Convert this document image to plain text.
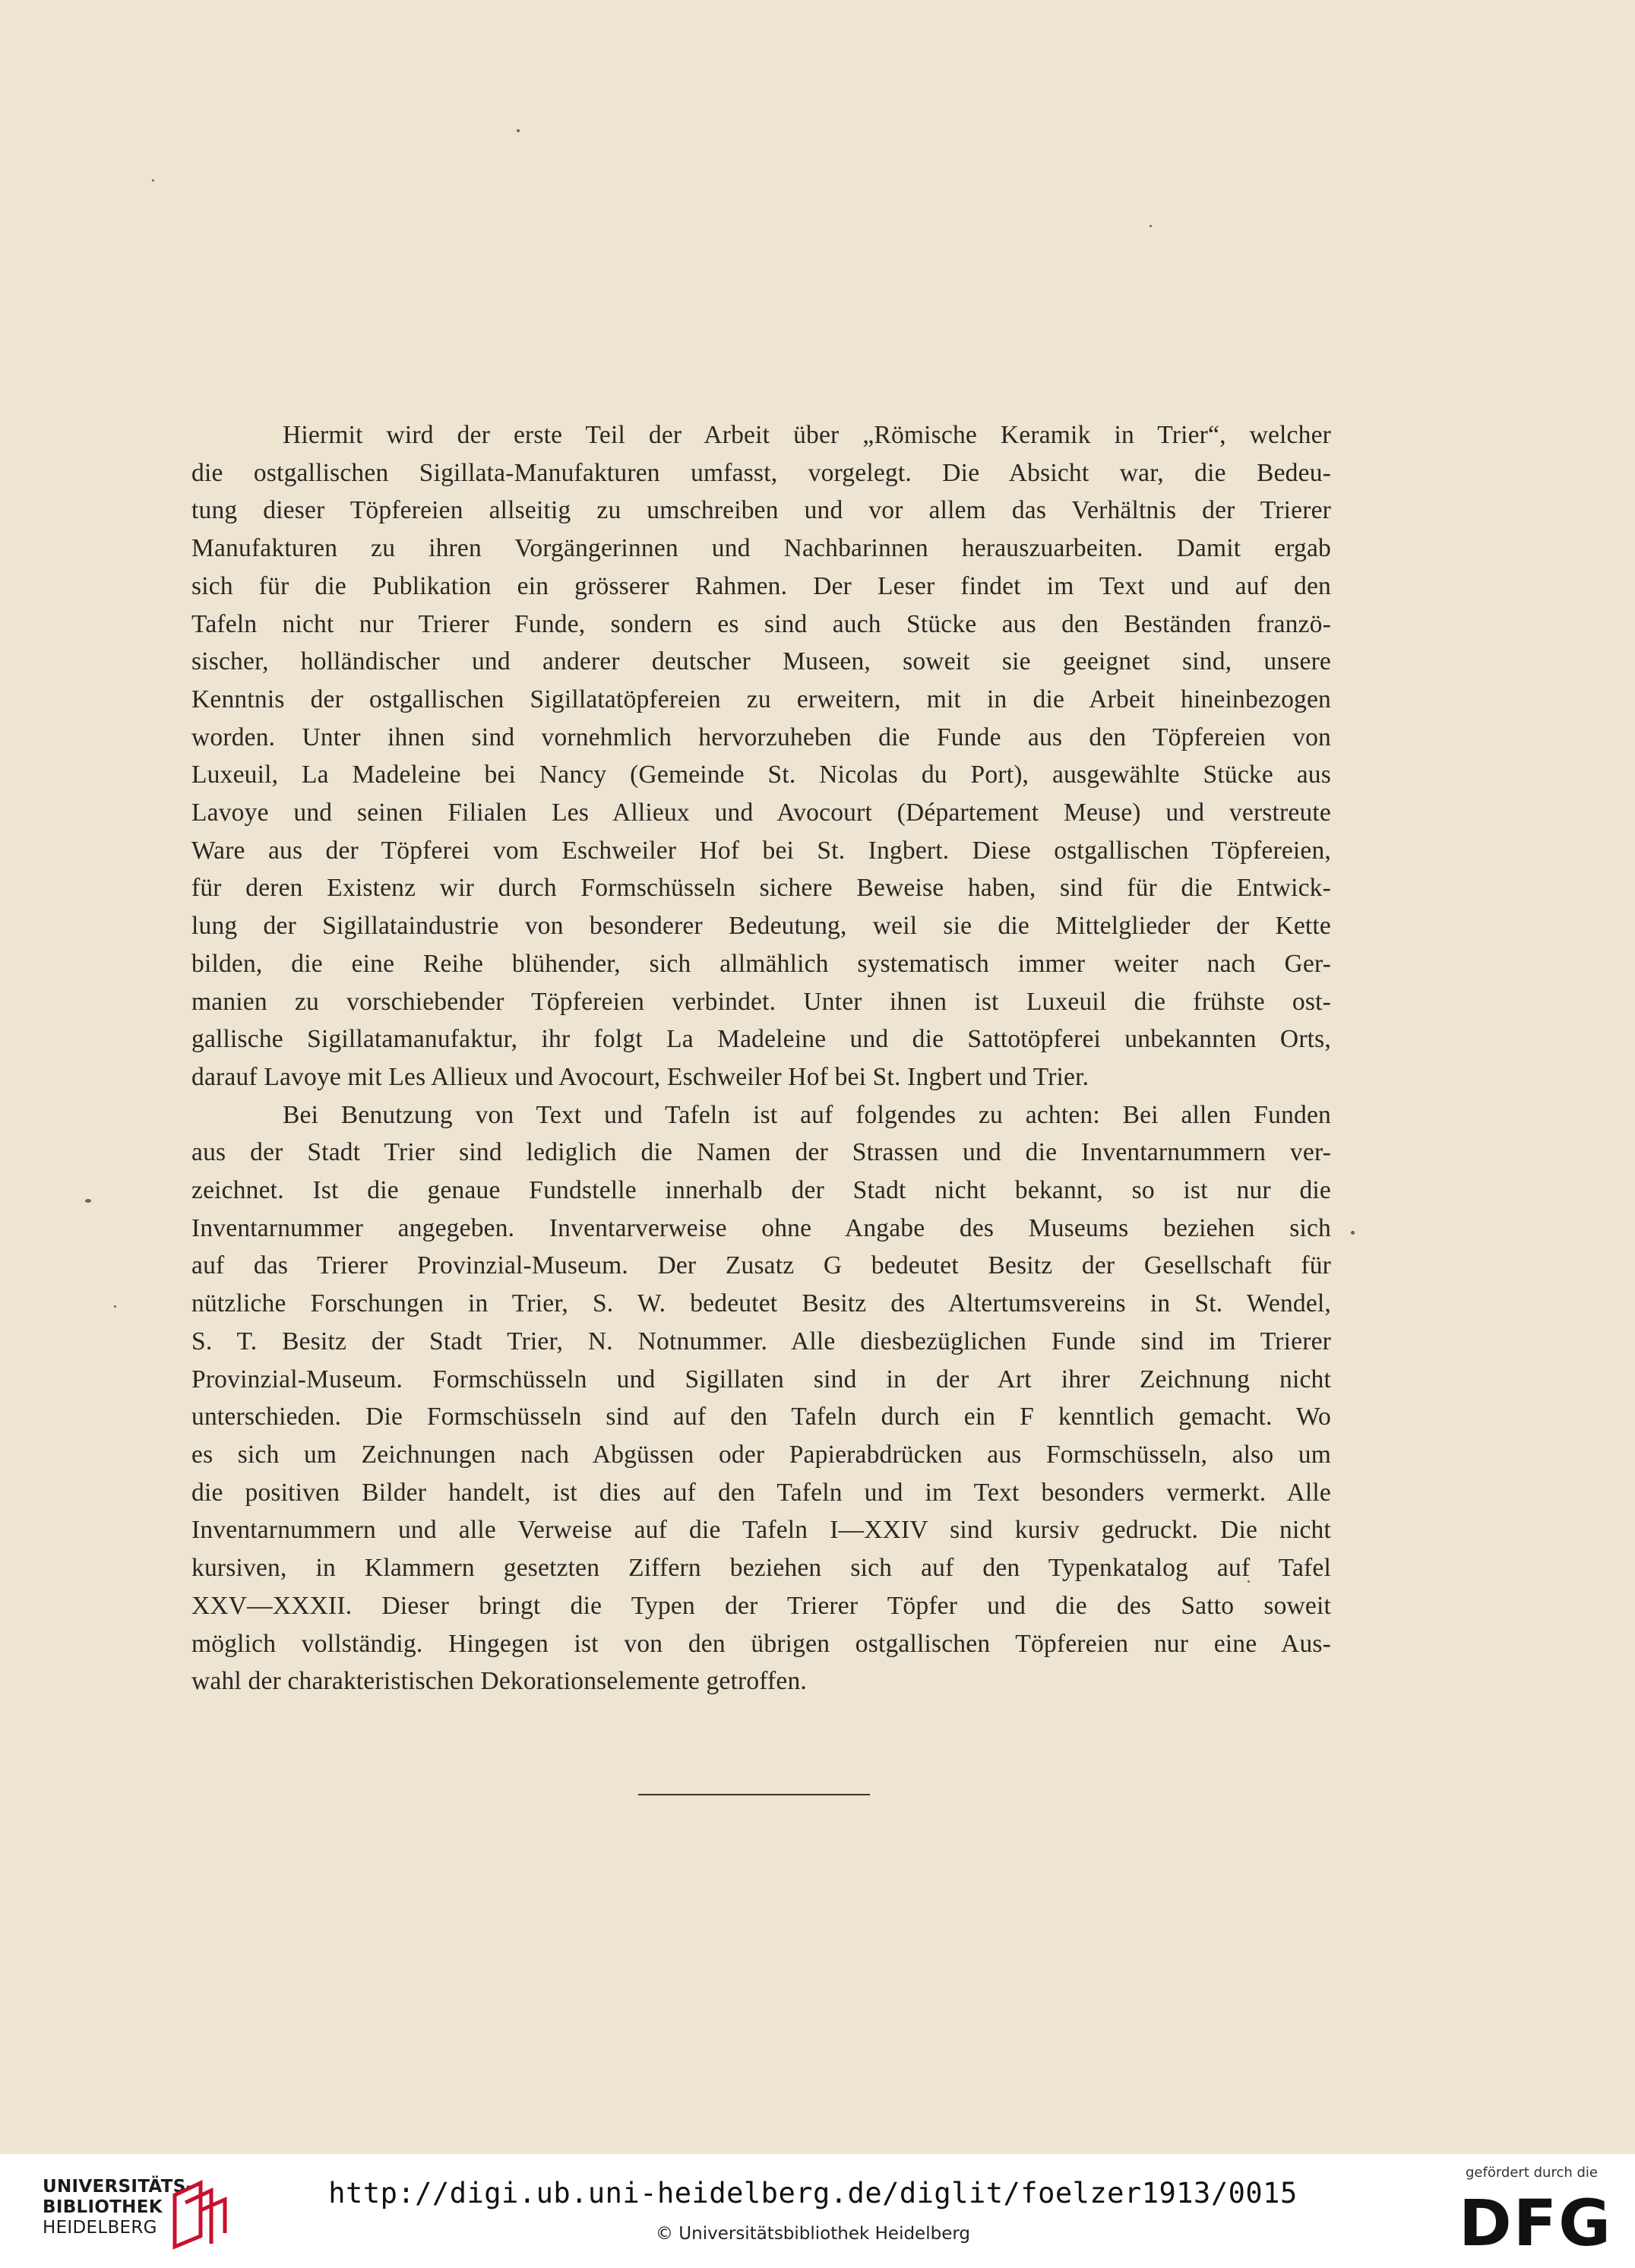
Hiermit wird der erste Teil der Arbeit über „Römische Keramik in Trier“, welcher
die ostgallischen Sigillata-Manufakturen umfasst, vorgelegt. Die Absicht war, die Bedeu-
tung dieser Töpfereien allseitig zu umschreiben und vor allem das Verhältnis der Trierer
Manufakturen zu ihren Vorgängerinnen und Nachbarinnen herauszuarbeiten. Damit ergab
sich für die Publikation ein grösserer Rahmen. Der Leser findet im Text und auf den
Tafeln nicht nur Trierer Funde, sondern es sind auch Stücke aus den Beständen franzö-
sischer, holländischer und anderer deutscher Museen, soweit sie geeignet sind, unsere
Kenntnis der ostgallischen Sigillatatöpfereien zu erweitern, mit in die Arbeit hineinbezogen
worden. Unter ihnen sind vornehmlich hervorzuheben die Funde aus den Töpfereien von
Luxeuil, La Madeleine bei Nancy (Gemeinde St. Nicolas du Port), ausgewählte Stücke aus
Lavoye und seinen Filialen Les Allieux und Avocourt (Département Meuse) und verstreute
Ware aus der Töpferei vom Eschweiler Hof bei St. Ingbert. Diese ostgallischen Töpfereien,
für deren Existenz wir durch Formschüsseln sichere Beweise haben, sind für die Entwick-
lung der Sigillataindustrie von besonderer Bedeutung, weil sie die Mittelglieder der Kette
bilden, die eine Reihe blühender, sich allmählich systematisch immer weiter nach Ger-
manien zu vorschiebender Töpfereien verbindet. Unter ihnen ist Luxeuil die frühste ost-
gallische Sigillatamanufaktur, ihr folgt La Madeleine und die Sattotöpferei unbekannten Orts,
darauf Lavoye mit Les Allieux und Avocourt, Eschweiler Hof bei St. Ingbert und Trier.

Bei Benutzung von Text und Tafeln ist auf folgendes zu achten: Bei allen Funden
aus der Stadt Trier sind lediglich die Namen der Strassen und die Inventarnummern ver-
zeichnet. Ist die genaue Fundstelle innerhalb der Stadt nicht bekannt, so ist nur die
Inventarnummer angegeben. Inventarverweise ohne Angabe des Museums beziehen sich
auf das Trierer Provinzial-Museum. Der Zusatz G bedeutet Besitz der Gesellschaft für
nützliche Forschungen in Trier, S. W. bedeutet Besitz des Altertumsvereins in St. Wendel,
S. T. Besitz der Stadt Trier, N. Notnummer. Alle diesbezüglichen Funde sind im Trierer
Provinzial-Museum. Formschüsseln und Sigillaten sind in der Art ihrer Zeichnung nicht
unterschieden. Die Formschüsseln sind auf den Tafeln durch ein F kenntlich gemacht. Wo
es sich um Zeichnungen nach Abgüssen oder Papierabdrücken aus Formschüsseln, also um
die positiven Bilder handelt, ist dies auf den Tafeln und im Text besonders vermerkt. Alle
Inventarnummern und alle Verweise auf die Tafeln I—XXIV sind kursiv gedruckt. Die nicht
kursiven, in Klammern gesetzten Ziffern beziehen sich auf den Typenkatalog auf Tafel
XXV—XXXII. Dieser bringt die Typen der Trierer Töpfer und die des Satto soweit
möglich vollständig. Hingegen ist von den übrigen ostgallischen Töpfereien nur eine Aus-
wahl der charakteristischen Dekorationselemente getroffen.

UNIVERSITÄTS-
BIBLIOTHEK
HEIDELBERG
http://digi.ub.uni-heidelberg.de/diglit/foelzer1913/0015
© Universitätsbibliothek Heidelberg
gefördert durch die
DFG
